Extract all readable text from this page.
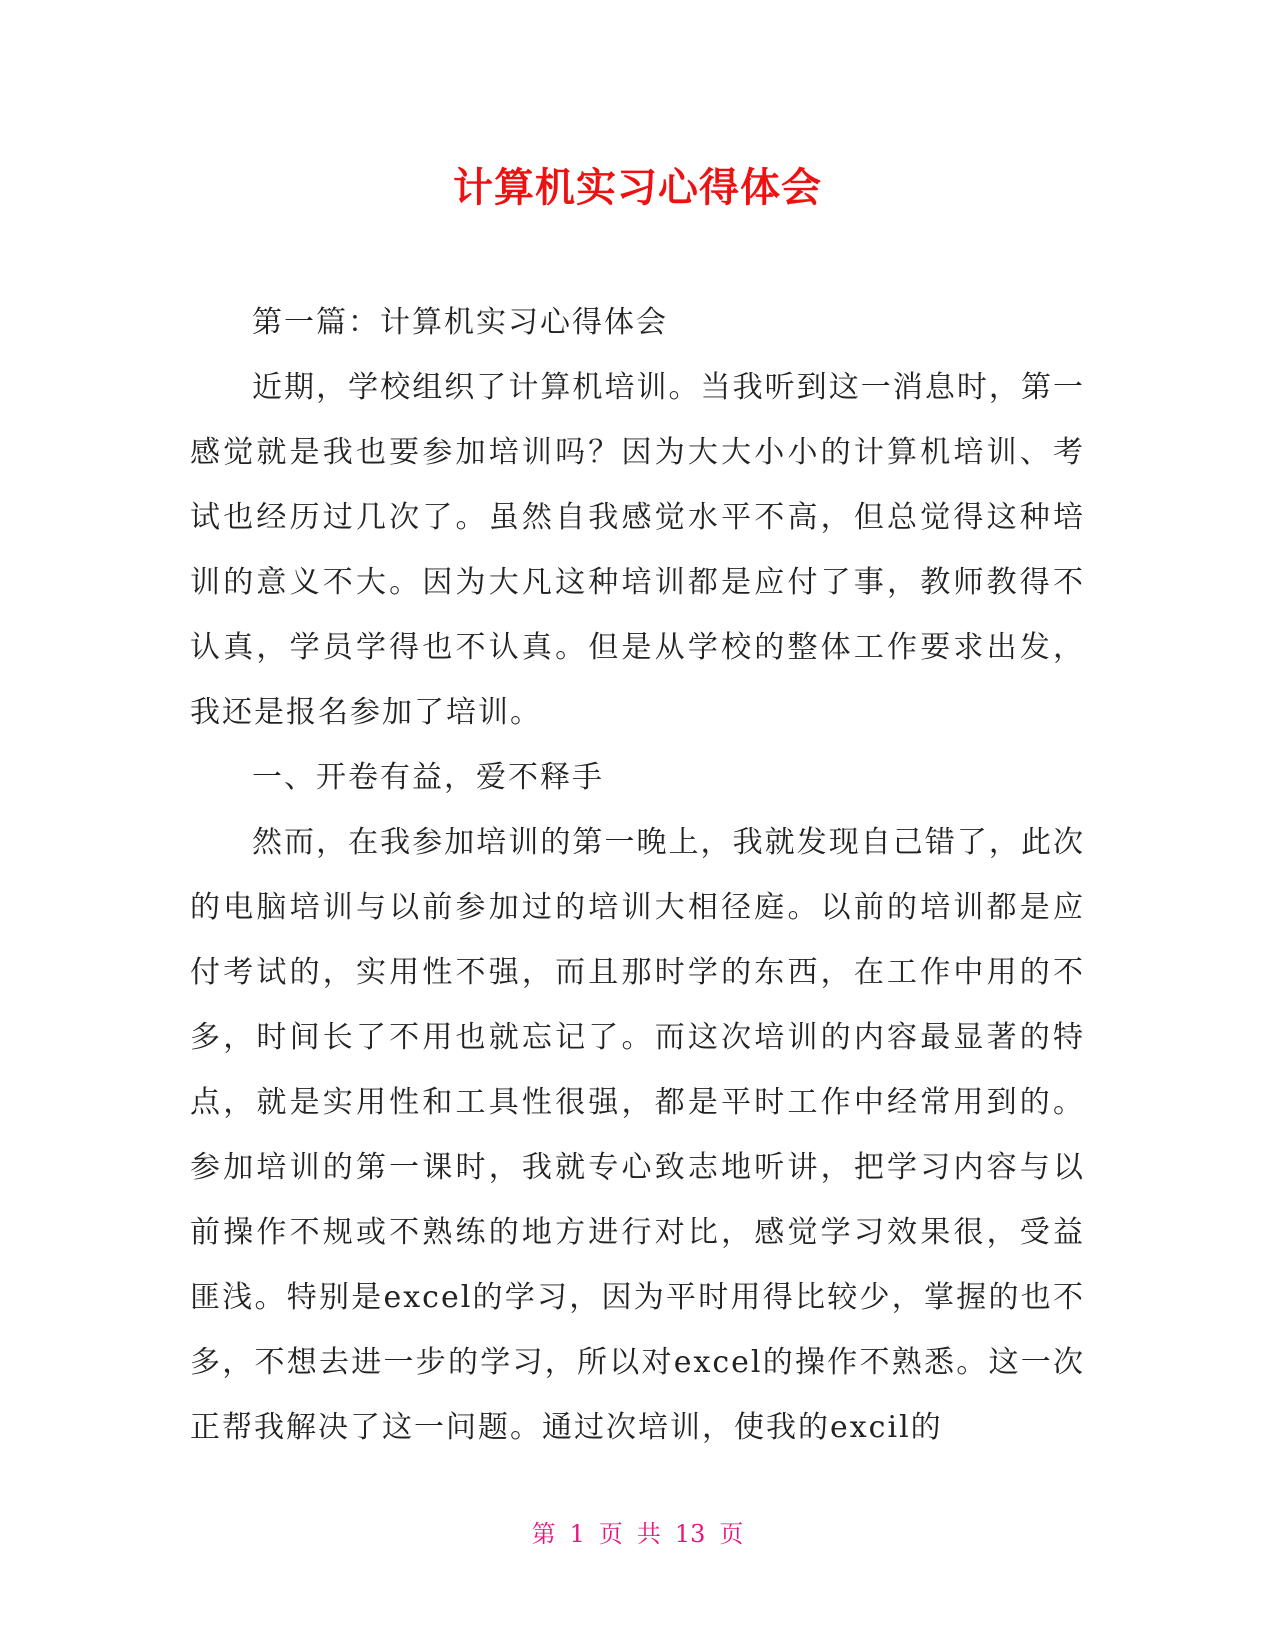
计算机实习心得体会

第一篇：计算机实习心得体会

近期，学校组织了计算机培训。当我听到这一消息时，第一感觉就是我也要参加培训吗？因为大大小小的计算机培训、考试也经历过几次了。虽然自我感觉水平不高，但总觉得这种培训的意义不大。因为大凡这种培训都是应付了事，教师教得不认真，学员学得也不认真。但是从学校的整体工作要求出发，我还是报名参加了培训。

一、开卷有益，爱不释手

然而，在我参加培训的第一晚上，我就发现自己错了，此次的电脑培训与以前参加过的培训大相径庭。以前的培训都是应付考试的，实用性不强，而且那时学的东西，在工作中用的不多，时间长了不用也就忘记了。而这次培训的内容最显著的特点，就是实用性和工具性很强，都是平时工作中经常用到的。参加培训的第一课时，我就专心致志地听讲，把学习内容与以前操作不规或不熟练的地方进行对比，感觉学习效果很，受益匪浅。特别是excel的学习，因为平时用得比较少，掌握的也不多，不想去进一步的学习，所以对excel的操作不熟悉。这一次正帮我解决了这一问题。通过次培训，使我的excil的

第 1 页 共 13 页
